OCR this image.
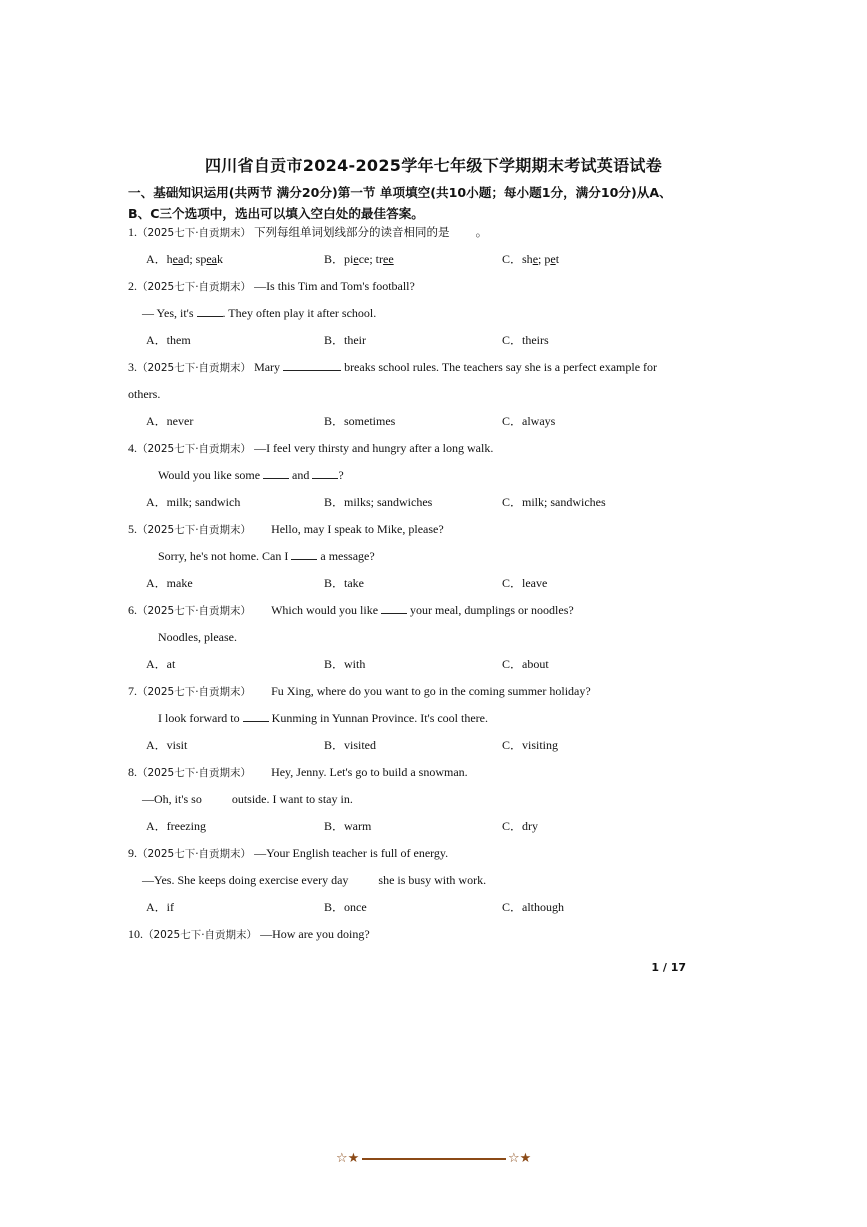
四川省自贡市2024-2025学年七年级下学期期末考试英语试卷
一、基础知识运用(共两节 满分20分)第一节 单项填空(共10小题；每小题1分，满分10分)从A、B、C三个选项中，选出可以填入空白处的最佳答案。
1.（2025七下·自贡期末） 下列每组单词划线部分的读音相同的是 。
A．head; speak	B．piece; tree	C．she; pet
2.（2025七下·自贡期末） —Is this Tim and Tom's football?
— Yes, it's . They often play it after school.
A．them	B．their	C．theirs
3.（2025七下·自贡期末） Mary	breaks school rules. The teachers say she is a perfect example for
others.
A．never	B．sometimes	C．always
4.（2025七下·自贡期末） —I feel very thirsty and hungry after a long walk.
Would you like some  and ?
A．milk; sandwich	B．milks; sandwiches	C．milk; sandwiches
5.（2025七下·自贡期末） Hello, may I speak to Mike, please?
Sorry, he's not home. Can I  a message?
A．make	B．take	C．leave
6.（2025七下·自贡期末） Which would you like  your meal, dumplings or noodles?
Noodles, please.
A．at	B．with	C．about
7.（2025七下·自贡期末） Fu Xing, where do you want to go in the coming summer holiday?
I look forward to  Kunming in Yunnan Province. It's cool there.
A．visit	B．visited	C．visiting
8.（2025七下·自贡期末） Hey, Jenny. Let's go to build a snowman.
—Oh, it's so  outside. I want to stay in.
A．freezing	B．warm	C．dry
9.（2025七下·自贡期末） —Your English teacher is full of energy.
—Yes. She keeps doing exercise every day  she is busy with work.
A．if	B．once	C．although
10.（2025七下·自贡期末） —How are you doing?
1 / 17
☆★	☆★
